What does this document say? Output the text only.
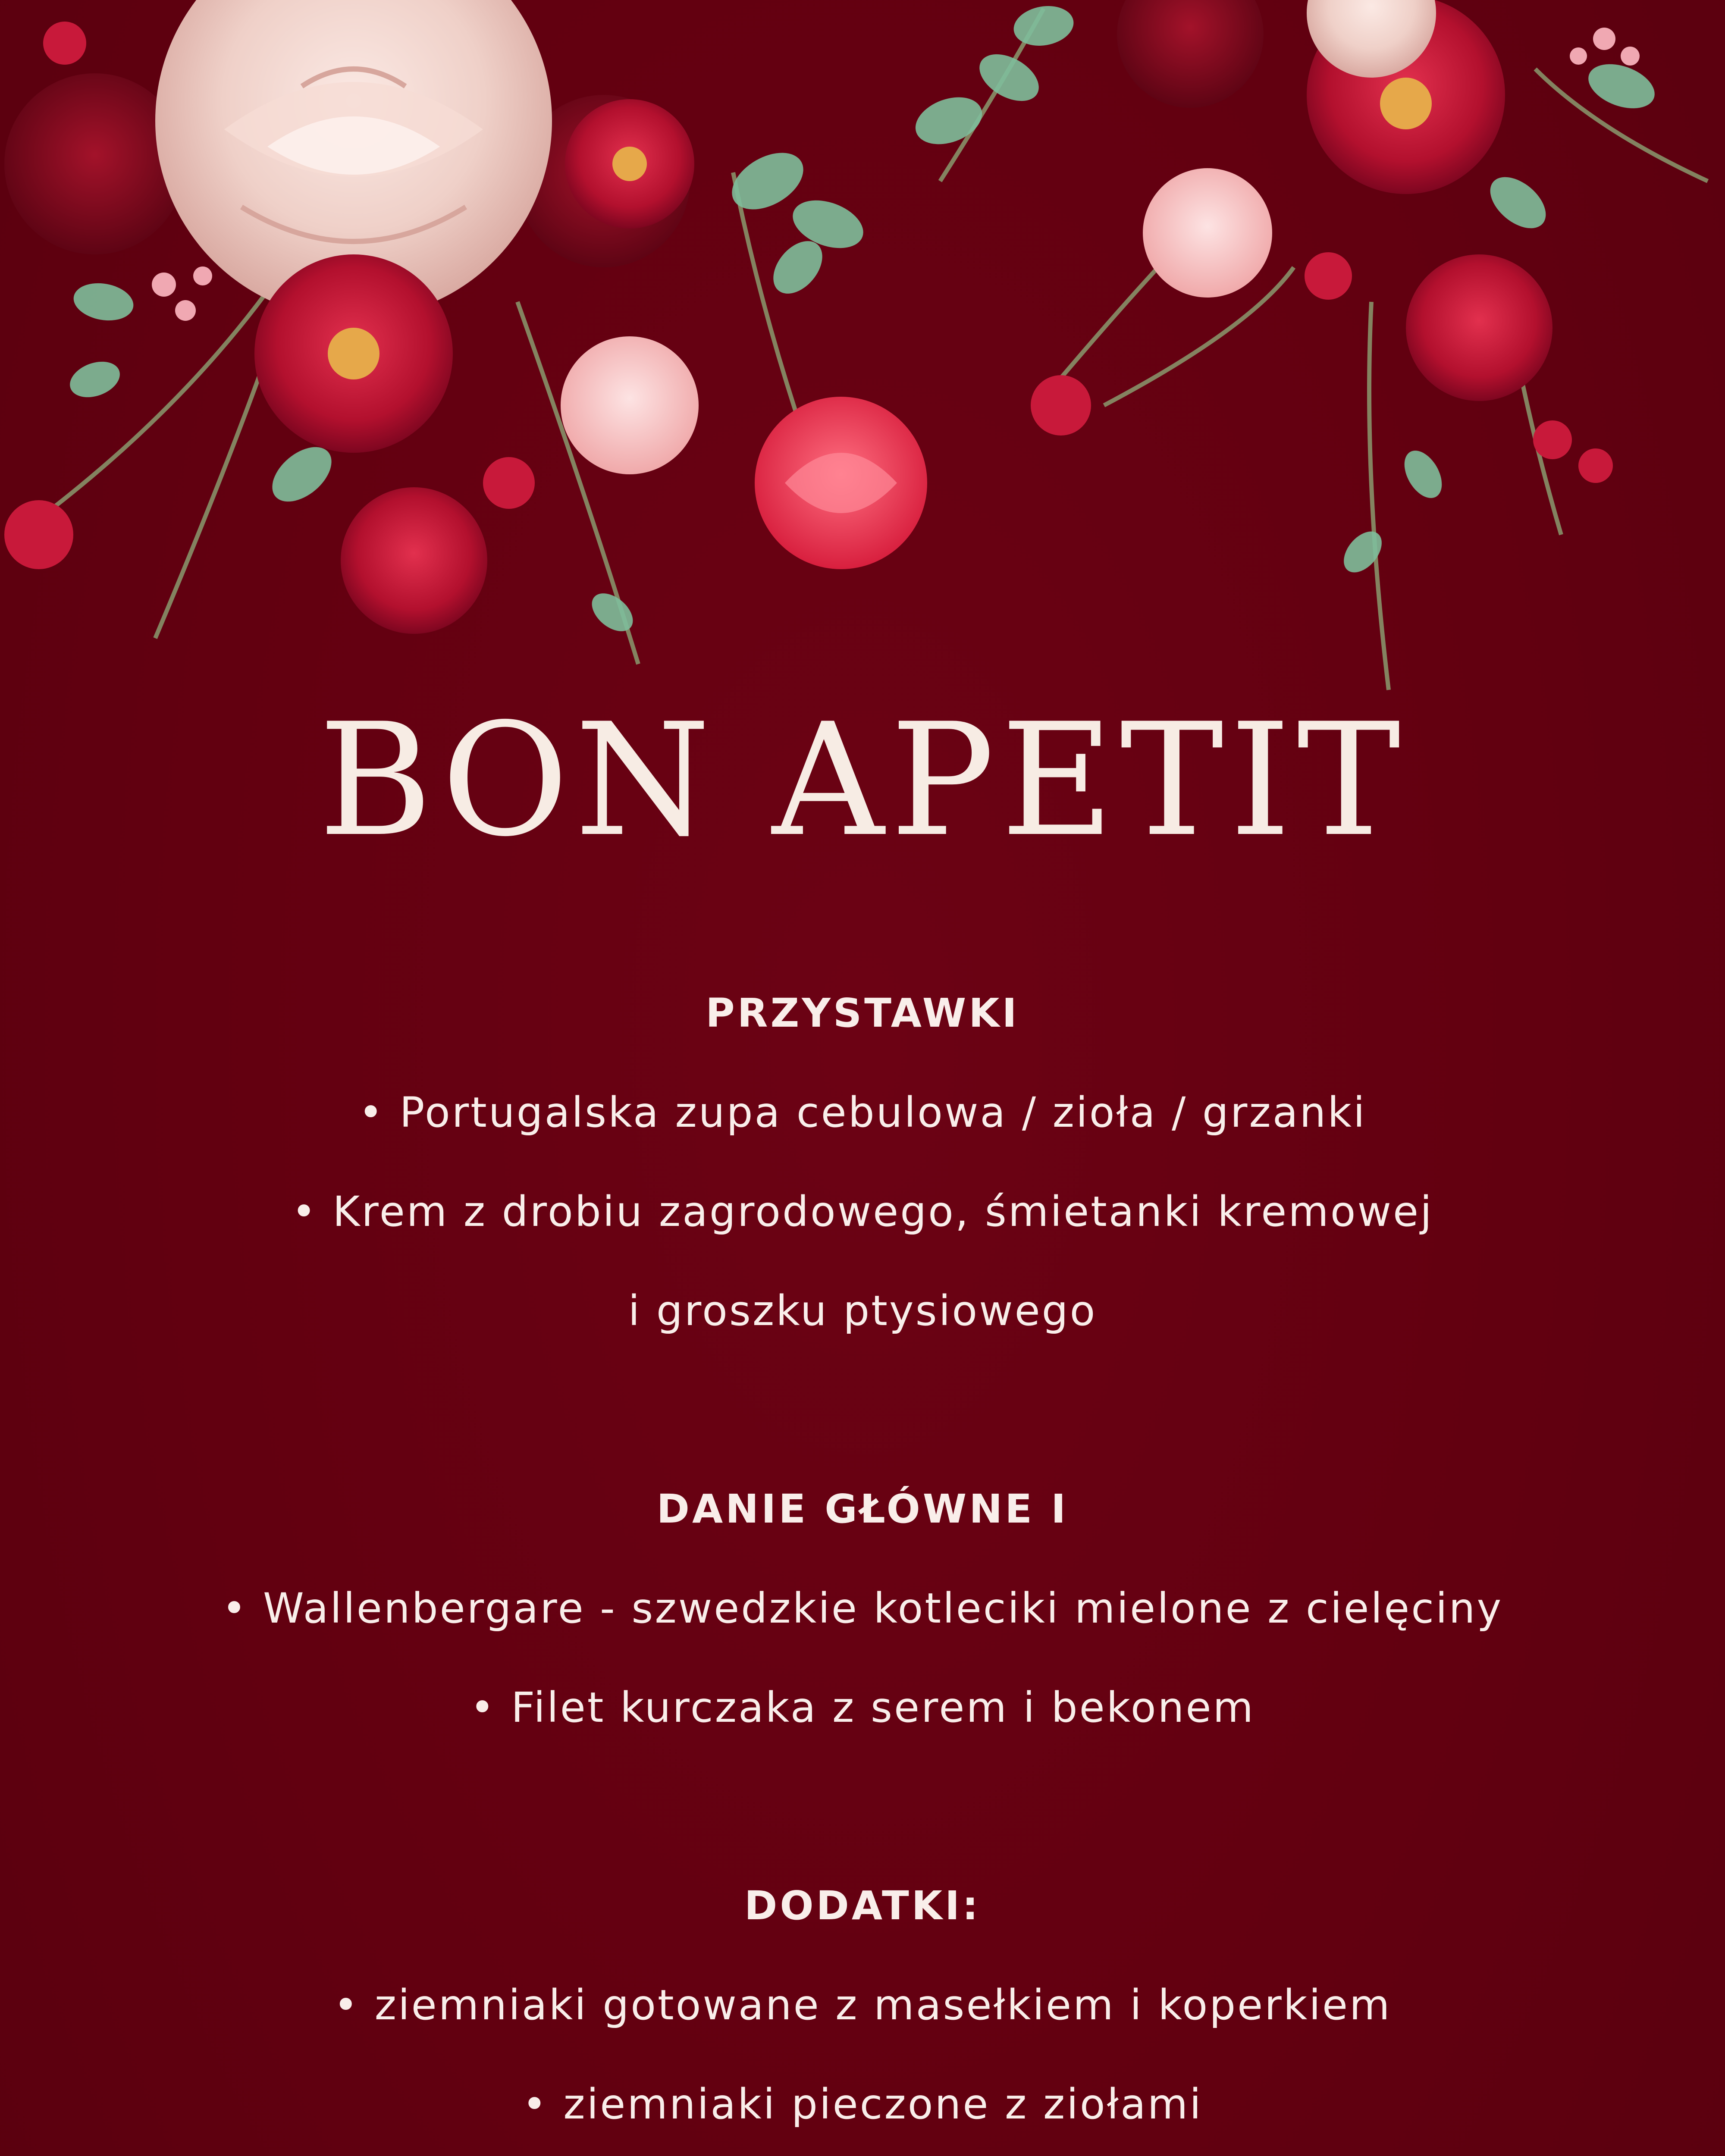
BON APETIT
PRZYSTAWKI
• Portugalska zupa cebulowa / zioła / grzanki
• Krem z drobiu zagrodowego, śmietanki kremowej
i groszku ptysiowego
DANIE GŁÓWNE I
• Wallenbergare - szwedzkie kotleciki mielone z cielęciny
• Filet kurczaka z serem i bekonem
DODATKI:
• ziemniaki gotowane z masełkiem i koperkiem
• ziemniaki pieczone z ziołami
